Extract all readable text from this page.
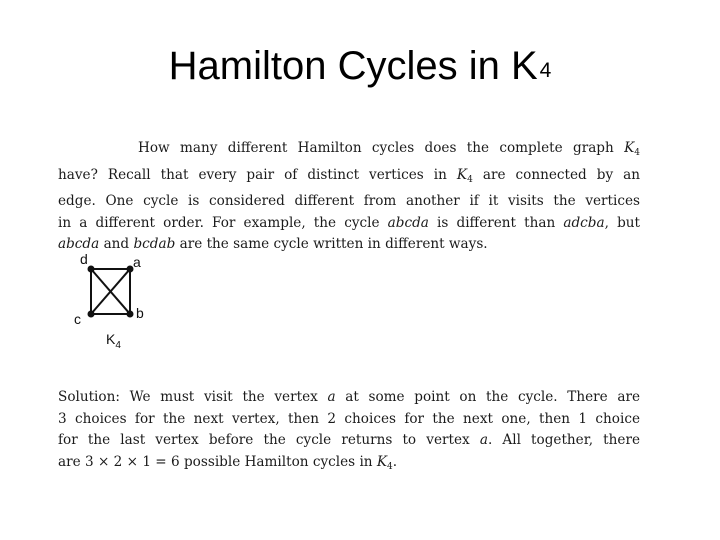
Hamilton Cycles in K4
How many different Hamilton cycles does the complete graph $K_4$
have? Recall that every pair of distinct vertices in $K_4$ are connected by an
edge. One cycle is considered different from another if it visits the vertices
in a different order. For example, the cycle abcda is different than adcba, but
abcda and bcdab are the same cycle written in different ways.
d	a
c	b
$K_4$
Solution: We must visit the vertex a at some point on the cycle. There are
3 choices for the next vertex, then 2 choices for the next one, then 1 choice
for the last vertex before the cycle returns to vertex a. All together, there
are 3 × 2 × 1 = 6 possible Hamilton cycles in $K_4$.
